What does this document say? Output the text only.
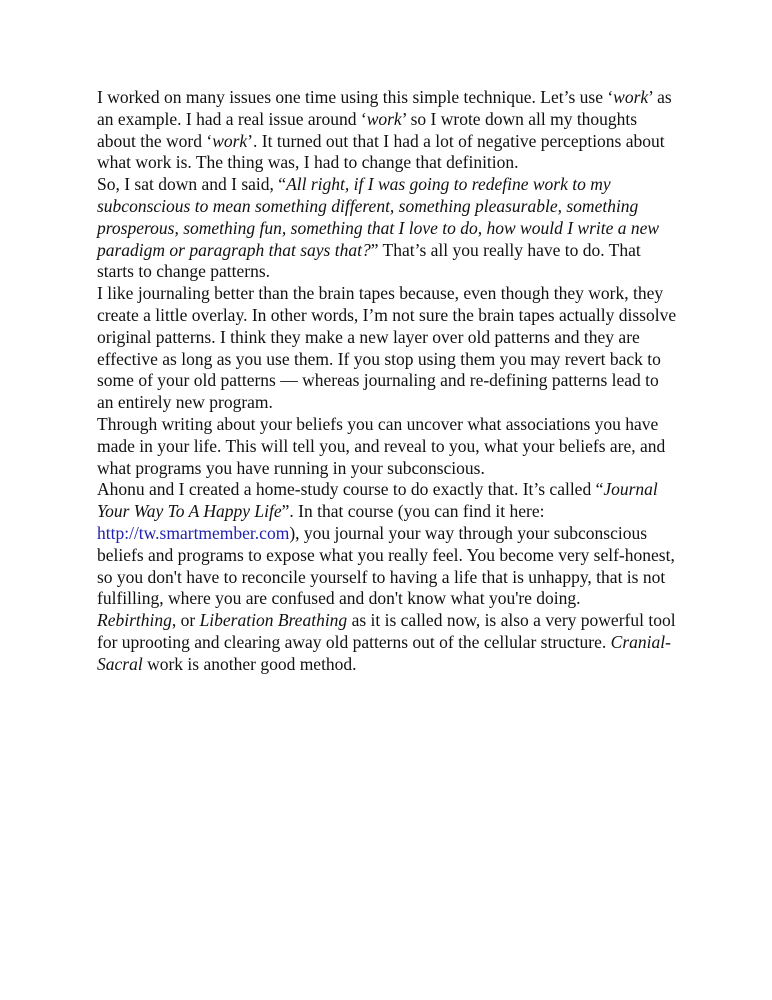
I worked on many issues one time using this simple technique. Let’s use ‘work’ as an example. I had a real issue around ‘work’ so I wrote down all my thoughts about the word ‘work’. It turned out that I had a lot of negative perceptions about what work is. The thing was, I had to change that definition.

So, I sat down and I said, “All right, if I was going to redefine work to my subconscious to mean something different, something pleasurable, something prosperous, something fun, something that I love to do, how would I write a new paradigm or paragraph that says that?” That’s all you really have to do. That starts to change patterns.

I like journaling better than the brain tapes because, even though they work, they create a little overlay. In other words, I’m not sure the brain tapes actually dissolve original patterns. I think they make a new layer over old patterns and they are effective as long as you use them. If you stop using them you may revert back to some of your old patterns — whereas journaling and re-defining patterns lead to an entirely new program.

Through writing about your beliefs you can uncover what associations you have made in your life. This will tell you, and reveal to you, what your beliefs are, and what programs you have running in your subconscious.

Ahonu and I created a home-study course to do exactly that. It’s called “Journal Your Way To A Happy Life”. In that course (you can find it here: http://tw.smartmember.com), you journal your way through your subconscious beliefs and programs to expose what you really feel. You become very self-honest, so you don't have to reconcile yourself to having a life that is unhappy, that is not fulfilling, where you are confused and don't know what you're doing.

Rebirthing, or Liberation Breathing as it is called now, is also a very powerful tool for uprooting and clearing away old patterns out of the cellular structure. Cranial-Sacral work is another good method.
